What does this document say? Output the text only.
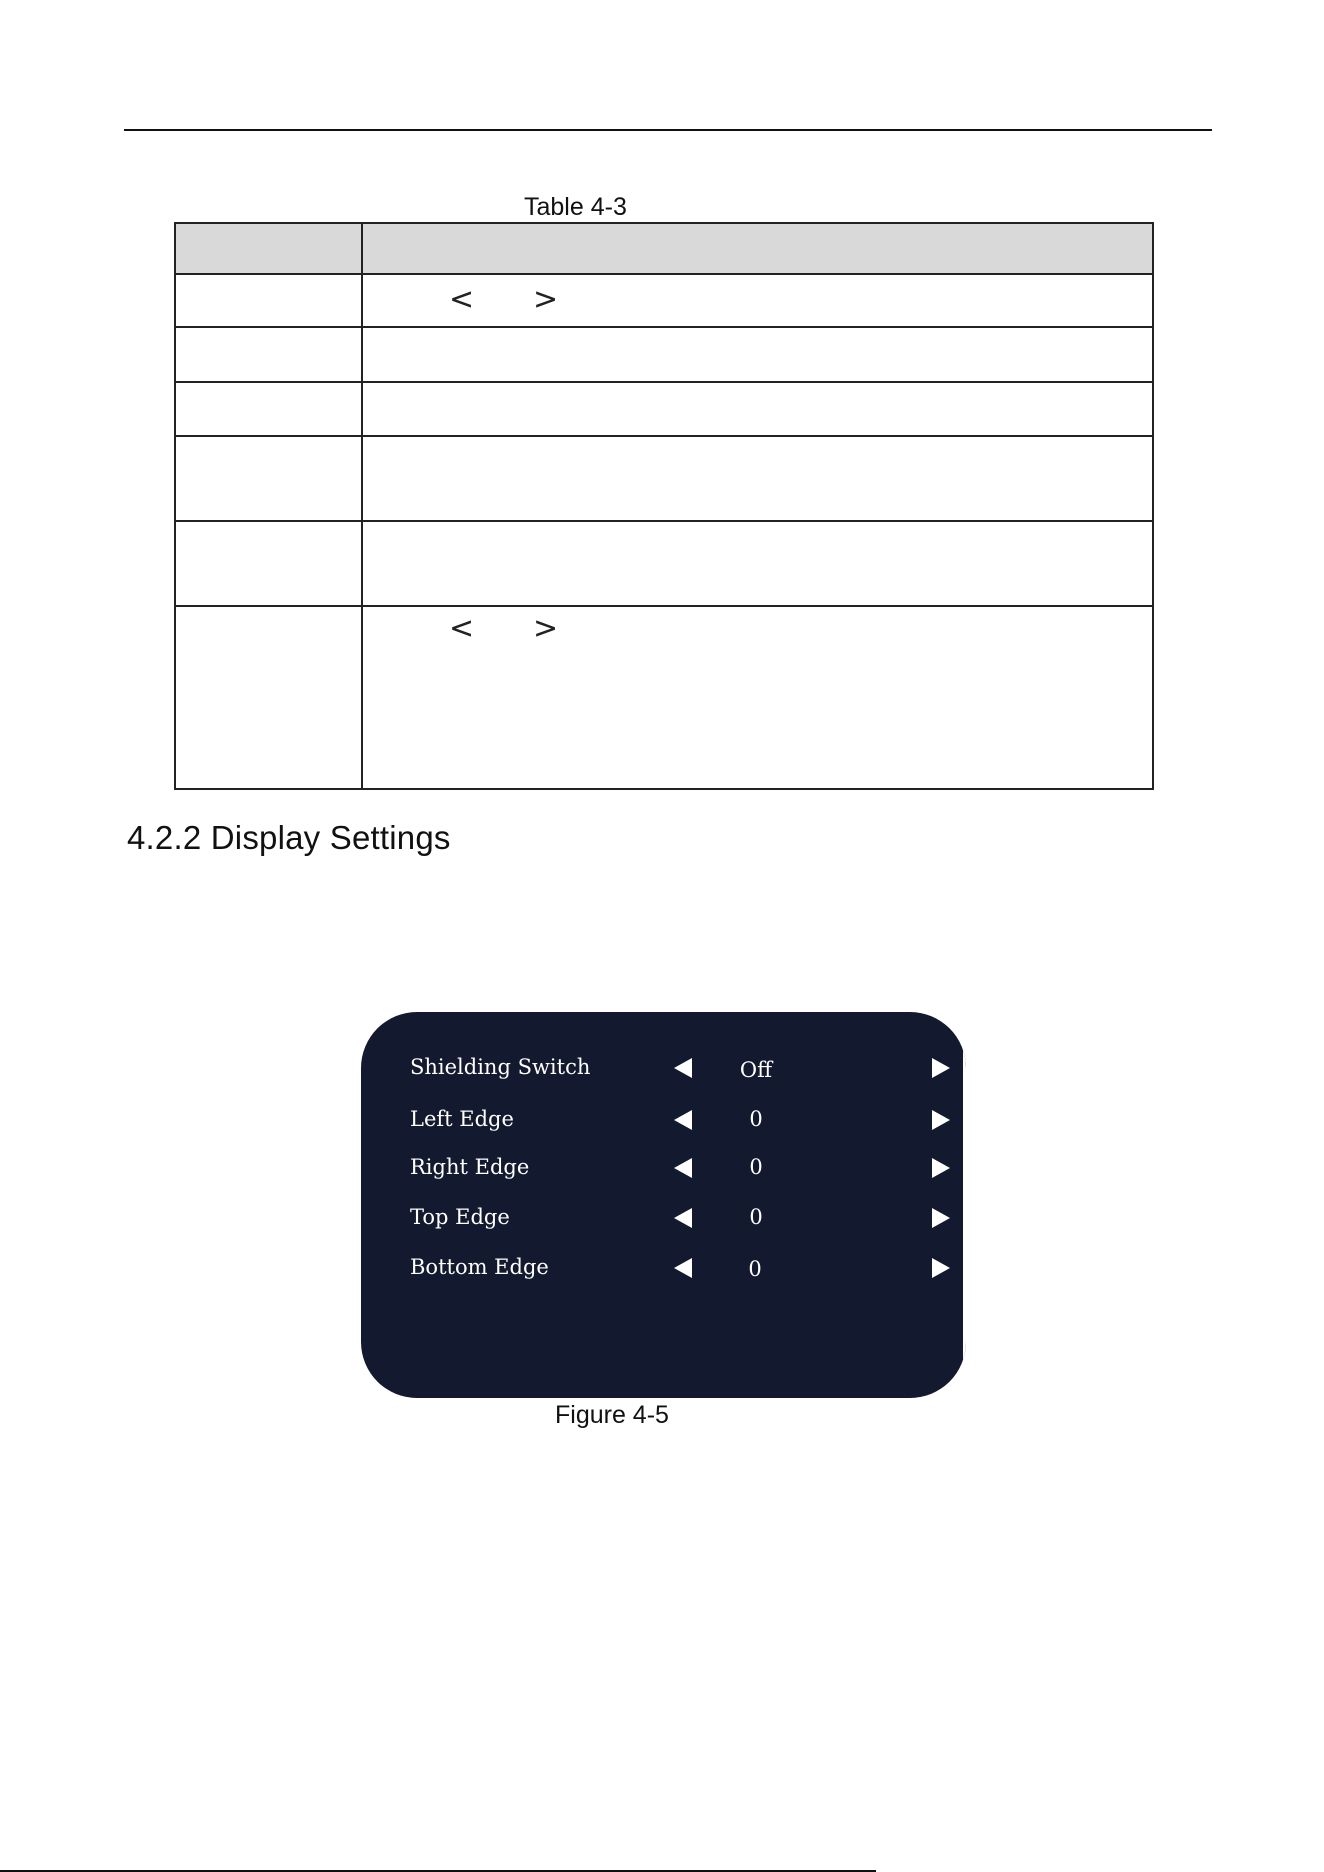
Table 4-3

	< >

	< >
4.2.2 Display Settings
Shielding Switch	Off
Left Edge	0
Right Edge	0
Top Edge	0
Bottom Edge	0
Figure 4-5
